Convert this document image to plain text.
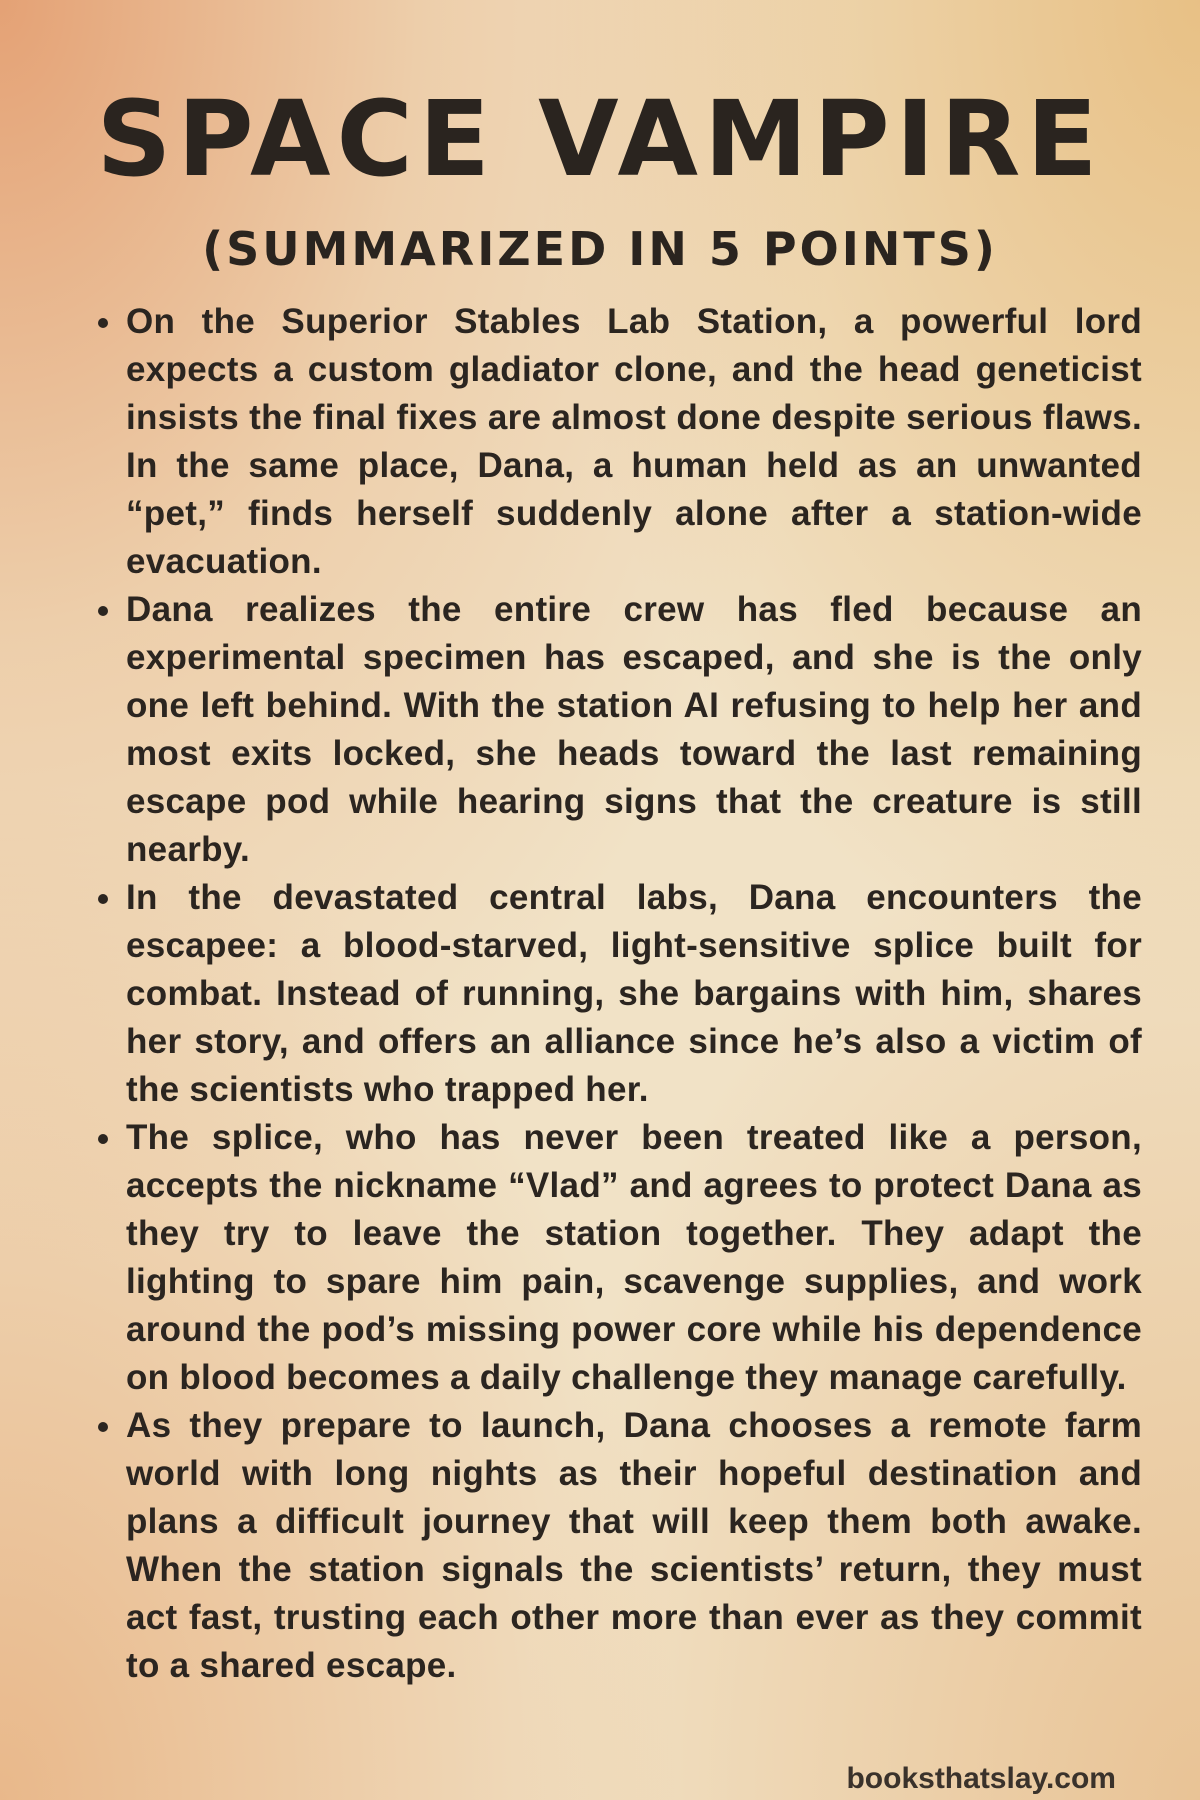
SPACE VAMPIRE
(SUMMARIZED IN 5 POINTS)
On the Superior Stables Lab Station, a powerful lord expects a custom gladiator clone, and the head geneticist insists the final fixes are almost done despite serious flaws. In the same place, Dana, a human held as an unwanted “pet,” finds herself suddenly alone after a station-wide evacuation.
Dana realizes the entire crew has fled because an experimental specimen has escaped, and she is the only one left behind. With the station AI refusing to help her and most exits locked, she heads toward the last remaining escape pod while hearing signs that the creature is still nearby.
In the devastated central labs, Dana encounters the escapee: a blood-starved, light-sensitive splice built for combat. Instead of running, she bargains with him, shares her story, and offers an alliance since he’s also a victim of the scientists who trapped her.
The splice, who has never been treated like a person, accepts the nickname “Vlad” and agrees to protect Dana as they try to leave the station together. They adapt the lighting to spare him pain, scavenge supplies, and work around the pod’s missing power core while his dependence on blood becomes a daily challenge they manage carefully.
As they prepare to launch, Dana chooses a remote farm world with long nights as their hopeful destination and plans a difficult journey that will keep them both awake. When the station signals the scientists’ return, they must act fast, trusting each other more than ever as they commit to a shared escape.
booksthatslay.com
